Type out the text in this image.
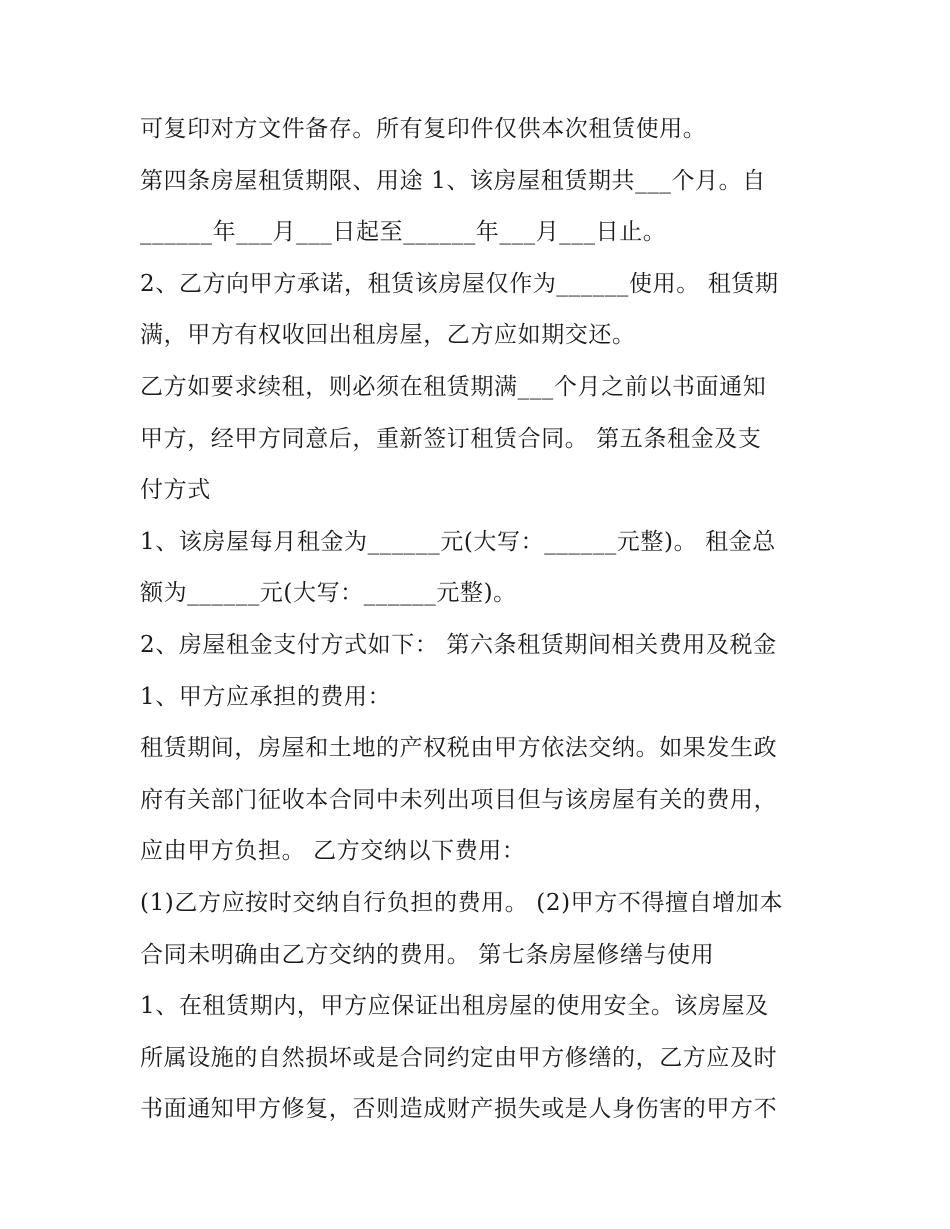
可复印对方文件备存。所有复印件仅供本次租赁使用。
第四条房屋租赁期限、用途 1、该房屋租赁期共___个月。自
______年___月___日起至______年___月___日止。
2、乙方向甲方承诺，租赁该房屋仅作为______使用。 租赁期
满，甲方有权收回出租房屋，乙方应如期交还。
乙方如要求续租，则必须在租赁期满___个月之前以书面通知
甲方，经甲方同意后，重新签订租赁合同。 第五条租金及支
付方式
1、该房屋每月租金为______元(大写：______元整)。 租金总
额为______元(大写：______元整)。
2、房屋租金支付方式如下： 第六条租赁期间相关费用及税金
1、甲方应承担的费用：
租赁期间，房屋和土地的产权税由甲方依法交纳。如果发生政
府有关部门征收本合同中未列出项目但与该房屋有关的费用，
应由甲方负担。 乙方交纳以下费用：
(1)乙方应按时交纳自行负担的费用。 (2)甲方不得擅自增加本
合同未明确由乙方交纳的费用。 第七条房屋修缮与使用
1、在租赁期内，甲方应保证出租房屋的使用安全。该房屋及
所属设施的自然损坏或是合同约定由甲方修缮的，乙方应及时
书面通知甲方修复，否则造成财产损失或是人身伤害的甲方不
